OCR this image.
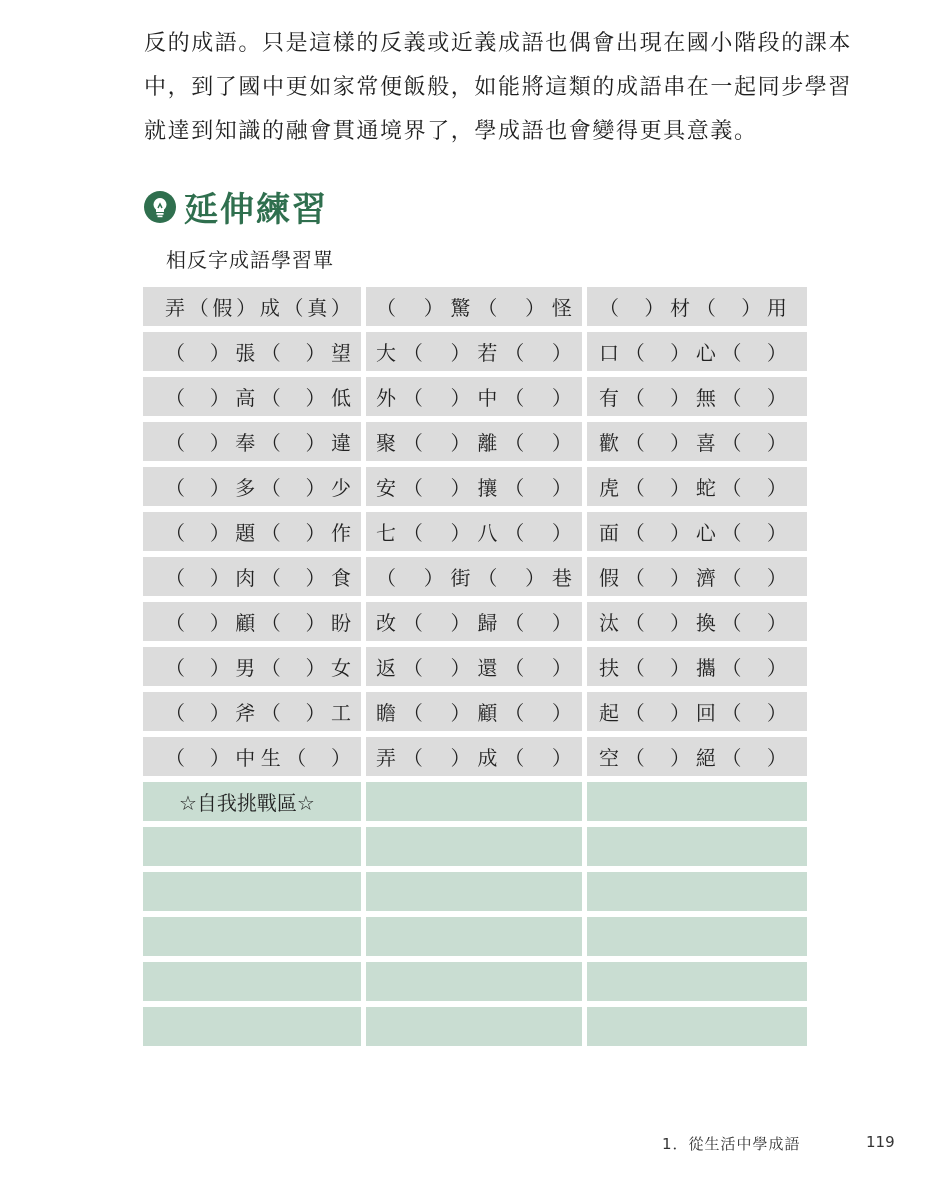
反的成語。只是這樣的反義或近義成語也偶會出現在國小階段的課本
中，到了國中更如家常便飯般，如能將這類的成語串在一起同步學習
就達到知識的融會貫通境界了，學成語也會變得更具意義。
延伸練習
相反字成語學習單
弄 （ 假 ） 成 （ 真 ） （ ） 驚 （ ） 怪 （ ） 材 （ ） 用
（ ） 張 （ ） 望 大 （ ） 若 （ ） 口 （ ） 心 （ ）
（ ） 高 （ ） 低 外 （ ） 中 （ ） 有 （ ） 無 （ ）
（ ） 奉 （ ） 違 聚 （ ） 離 （ ） 歡 （ ） 喜 （ ）
（ ） 多 （ ） 少 安 （ ） 攘 （ ） 虎 （ ） 蛇 （ ）
（ ） 題 （ ） 作 七 （ ） 八 （ ） 面 （ ） 心 （ ）
（ ） 肉 （ ） 食 （ ） 街 （ ） 巷 假 （ ） 濟 （ ）
（ ） 顧 （ ） 盼 改 （ ） 歸 （ ） 汰 （ ） 換 （ ）
（ ） 男 （ ） 女 返 （ ） 還 （ ） 扶 （ ） 攜 （ ）
（ ） 斧 （ ） 工 瞻 （ ） 顧 （ ） 起 （ ） 回 （ ）
（ ） 中 生 （ ） 弄 （ ） 成 （ ） 空 （ ） 絕 （ ）
☆自我挑戰區☆
1．從生活中學成語	119
